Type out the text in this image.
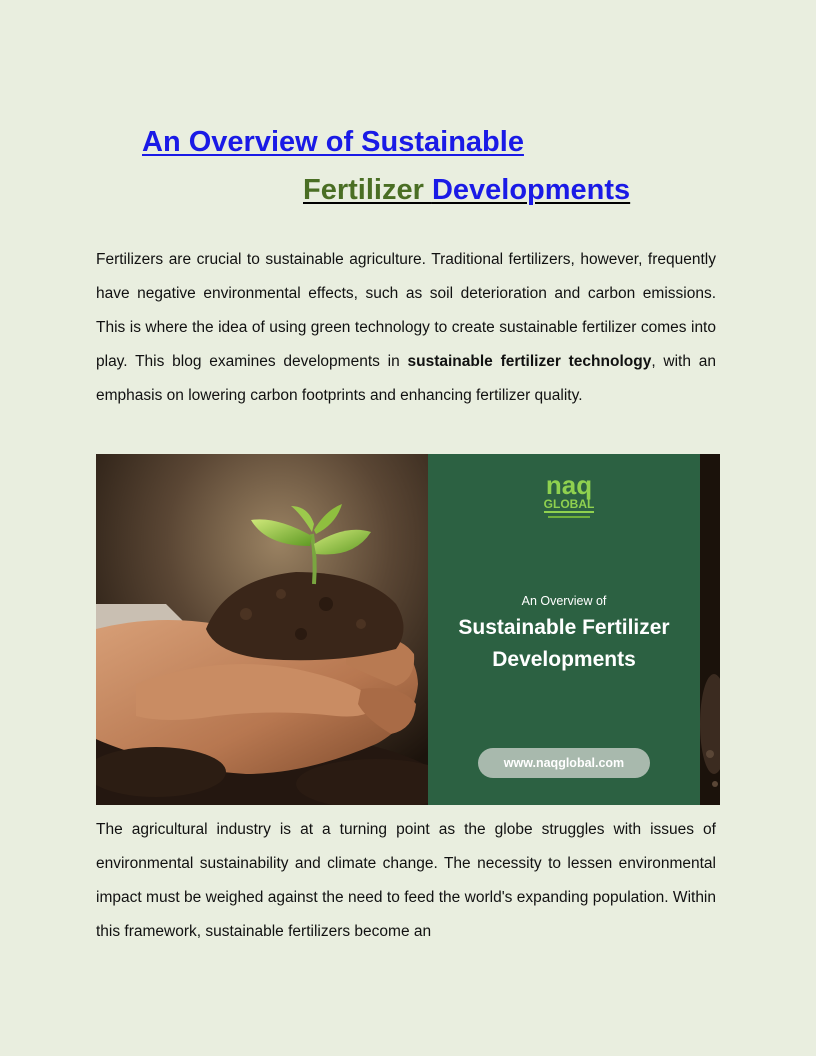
An Overview of Sustainable
Fertilizer Developments

Fertilizers are crucial to sustainable agriculture. Traditional fertilizers, however, frequently have negative environmental effects, such as soil deterioration and carbon emissions. This is where the idea of using green technology to create sustainable fertilizer comes into play. This blog examines developments in sustainable fertilizer technology, with an emphasis on lowering carbon footprints and enhancing fertilizer quality.

naq
GLOBAL
An Overview of
Sustainable Fertilizer Developments
www.naqglobal.com

The agricultural industry is at a turning point as the globe struggles with issues of environmental sustainability and climate change. The necessity to lessen environmental impact must be weighed against the need to feed the world's expanding population. Within this framework, sustainable fertilizers become an
